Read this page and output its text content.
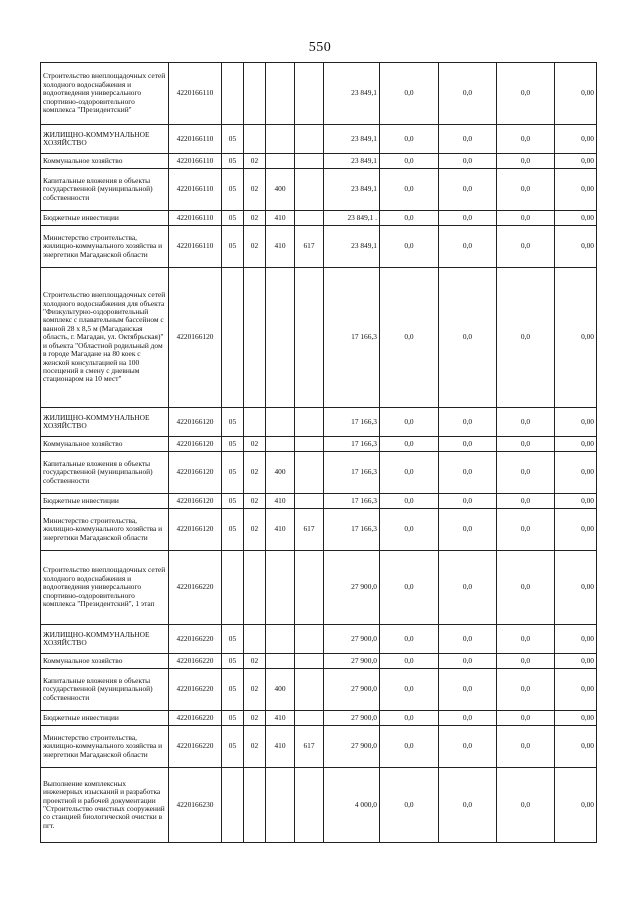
550
Строительство внеплощадочных сетей холодного водоснабжения и водоотведения универсального спортивно-оздоровительного комплекса "Президентский"	4220166110					23 849,1	0,0	0,0	0,0	0,00
ЖИЛИЩНО-КОММУНАЛЬНОЕ ХОЗЯЙСТВО	4220166110	05				23 849,1	0,0	0,0	0,0	0,00
Коммунальное хозяйство	4220166110	05	02			23 849,1	0,0	0,0	0,0	0,00
Капитальные вложения в объекты государственной (муниципальной) собственности	4220166110	05	02	400		23 849,1	0,0	0,0	0,0	0,00
Бюджетные инвестиции	4220166110	05	02	410		23 849,1 .	0,0	0,0	0,0	0,00
Министерство строительства, жилищно-коммунального хозяйства и энергетики Магаданской области	4220166110	05	02	410	617	23 849,1	0,0	0,0	0,0	0,00
Строительство внеплощадочных сетей холодного водоснабжения для объекта "Физкультурно-оздоровительный комплекс с плавательным бассейном с ванной 28 х 8,5 м (Магаданская область, г. Магадан, ул. Октябрьская)" и объекта "Областной родильный дом в городе Магадане на 80 коек с женской консультацией на 100 посещений в смену с дневным стационаром на 10 мест"	4220166120					17 166,3	0,0	0,0	0,0	0,00
ЖИЛИЩНО-КОММУНАЛЬНОЕ ХОЗЯЙСТВО	4220166120	05				17 166,3	0,0	0,0	0,0	0,00
Коммунальное хозяйство	4220166120	05	02			17 166,3	0,0	0,0	0,0	0,00
Капитальные вложения в объекты государственной (муниципальной) собственности	4220166120	05	02	400		17 166,3	0,0	0,0	0,0	0,00
Бюджетные инвестиции	4220166120	05	02	410		17 166,3	0,0	0,0	0,0	0,00
Министерство строительства, жилищно-коммунального хозяйства и энергетики Магаданской области	4220166120	05	02	410	617	17 166,3	0,0	0,0	0,0	0,00
Строительство внеплощадочных сетей холодного водоснабжения и водоотведения универсального спортивно-оздоровительного комплекса "Президентский", 1 этап	4220166220					27 900,0	0,0	0,0	0,0	0,00
ЖИЛИЩНО-КОММУНАЛЬНОЕ ХОЗЯЙСТВО	4220166220	05				27 900,0	0,0	0,0	0,0	0,00
Коммунальное хозяйство	4220166220	05	02			27 900,0	0,0	0,0	0,0	0,00
Капитальные вложения в объекты государственной (муниципальной) собственности	4220166220	05	02	400		27 900,0	0,0	0,0	0,0	0,00
Бюджетные инвестиции	4220166220	05	02	410		27 900,0	0,0	0,0	0,0	0,00
Министерство строительства, жилищно-коммунального хозяйства и энергетики Магаданской области	4220166220	05	02	410	617	27 900,0	0,0	0,0	0,0	0,00
Выполнение комплексных инженерных изысканий и разработка проектной и рабочей документации "Строительство очистных сооружений со станцией биологической очистки в пгт.	4220166230					4 000,0	0,0	0,0	0,0	0,00
